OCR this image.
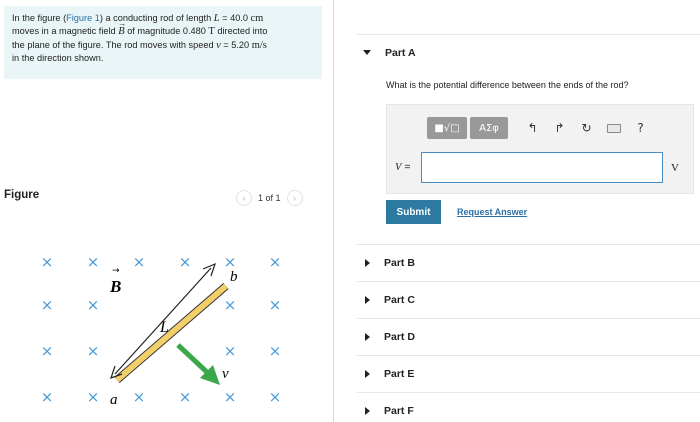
In the figure (Figure 1) a conducting rod of length L = 40.0 cm
moves in a magnetic field → B of magnitude 0.480 T directed into
the plane of the figure. The rod moves with speed v = 5.20 m/s
in the direction shown.
Figure	‹	1 of 1	›
× × × × × ×
× ×	× ×
× ×	× ×
× × × × × ×
B
→
L
a
b
v
Part A
What is the potential difference between the ends of the rod?
■√□	AΣφ	↰	↱	↻	?
V =	V
Submit	Request Answer
Part B
Part C
Part D
Part E
Part F
